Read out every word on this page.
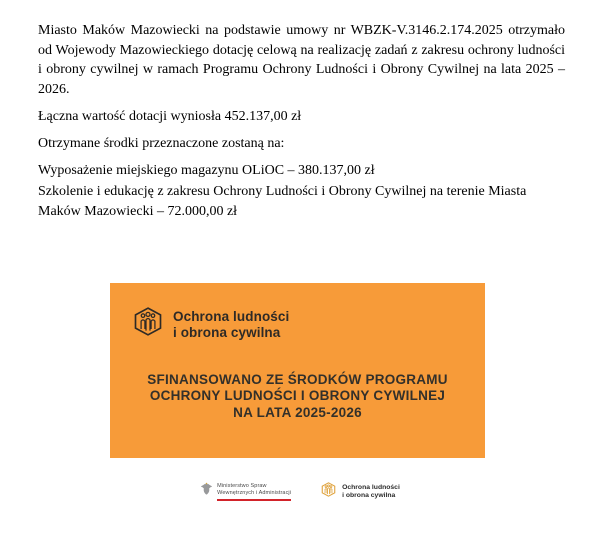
Miasto Maków Mazowiecki na podstawie umowy nr WBZK-V.3146.2.174.2025 otrzymało od Wojewody Mazowieckiego dotację celową na realizację zadań z zakresu ochrony ludności i obrony cywilnej w ramach Programu Ochrony Ludności i Obrony Cywilnej na lata 2025 – 2026.

Łączna wartość dotacji wyniosła 452.137,00 zł

Otrzymane środki przeznaczone zostaną na:

Wyposażenie miejskiego magazynu OLiOC – 380.137,00 zł

Szkolenie i edukację z zakresu Ochrony Ludności i Obrony Cywilnej na terenie Miasta Maków Mazowiecki – 72.000,00 zł

Ochrona ludności
i obrona cywilna
SFINANSOWANO ZE ŚRODKÓW PROGRAMU
OCHRONY LUDNOŚCI I OBRONY CYWILNEJ
NA LATA 2025-2026
Ministerstwo Spraw
Wewnętrznych i Administracji
Ochrona ludności
i obrona cywilna
